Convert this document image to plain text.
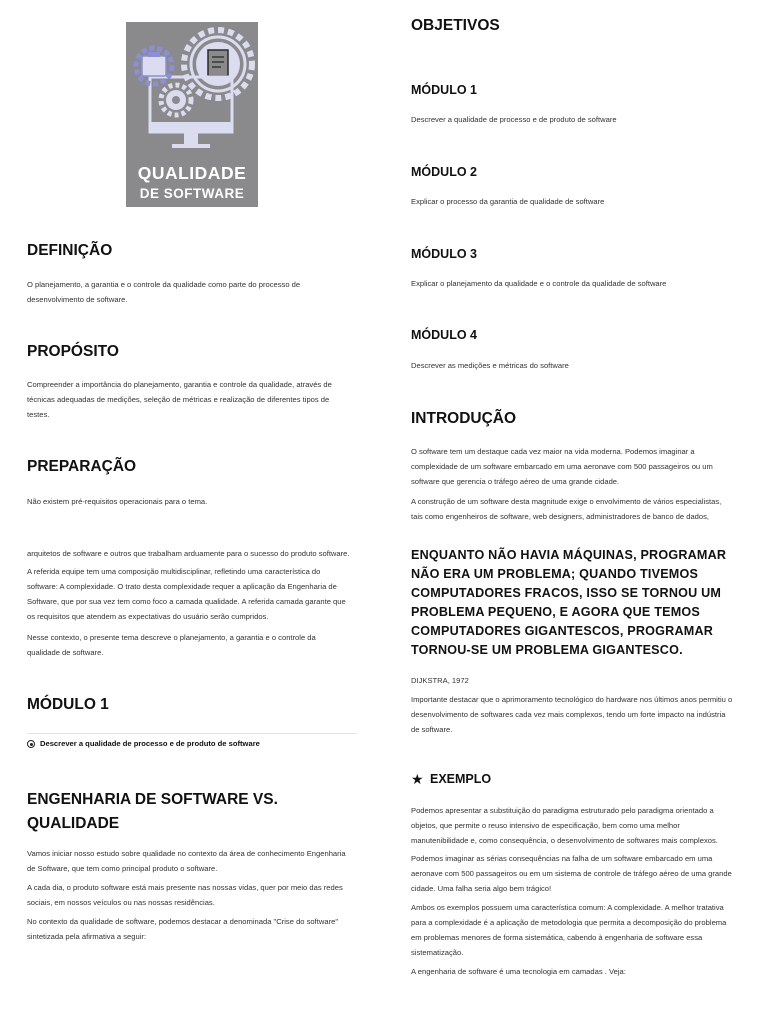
QUALIDADE
DE SOFTWARE
DEFINIÇÃO

O planejamento, a garantia e o controle da qualidade como parte do processo de
desenvolvimento de software.

PROPÓSITO

Compreender a importância do planejamento, garantia e controle da qualidade, através de
técnicas adequadas de medições, seleção de métricas e realização de diferentes tipos de
testes.

PREPARAÇÃO

Não existem pré-requisitos operacionais para o tema.

arquitetos de software e outros que trabalham arduamente para o sucesso do produto software.

A referida equipe tem uma composição multidisciplinar, refletindo uma característica do
software: A complexidade. O trato desta complexidade requer a aplicação da Engenharia de
Software, que por sua vez tem como foco a camada qualidade. A referida camada garante que
os requisitos que atendem as expectativas do usuário serão cumpridos.

Nesse contexto, o presente tema descreve o planejamento, a garantia e o controle da
qualidade de software.

MÓDULO 1

Descrever a qualidade de processo e de produto de software

ENGENHARIA DE SOFTWARE VS.
QUALIDADE

Vamos iniciar nosso estudo sobre qualidade no contexto da área de conhecimento Engenharia
de Software, que tem como principal produto o software.

A cada dia, o produto software está mais presente nas nossas vidas, quer por meio das redes
sociais, em nossos veículos ou nas nossas residências.

No contexto da qualidade de software, podemos destacar a denominada "Crise do software"
sintetizada pela afirmativa a seguir:

OBJETIVOS
MÓDULO 1

Descrever a qualidade de processo e de produto de software

MÓDULO 2

Explicar o processo da garantia de qualidade de software

MÓDULO 3

Explicar o planejamento da qualidade e o controle da qualidade de software

MÓDULO 4

Descrever as medições e métricas do software

INTRODUÇÃO

O software tem um destaque cada vez maior na vida moderna. Podemos imaginar a
complexidade de um software embarcado em uma aeronave com 500 passageiros ou um
software que gerencia o tráfego aéreo de uma grande cidade.

A construção de um software desta magnitude exige o envolvimento de vários especialistas,
tais como engenheiros de software, web designers, administradores de banco de dados,

ENQUANTO NÃO HAVIA MÁQUINAS, PROGRAMAR
NÃO ERA UM PROBLEMA; QUANDO TIVEMOS
COMPUTADORES FRACOS, ISSO SE TORNOU UM
PROBLEMA PEQUENO, E AGORA QUE TEMOS
COMPUTADORES GIGANTESCOS, PROGRAMAR
TORNOU-SE UM PROBLEMA GIGANTESCO.

DIJKSTRA, 1972

Importante destacar que o aprimoramento tecnológico do hardware nos últimos anos permitiu o
desenvolvimento de softwares cada vez mais complexos, tendo um forte impacto na indústria
de software.

★ EXEMPLO

Podemos apresentar a substituição do paradigma estruturado pelo paradigma orientado a
objetos, que permite o reuso intensivo de especificação, bem como uma melhor
manutenibilidade e, como consequência, o desenvolvimento de softwares mais complexos.

Podemos imaginar as sérias consequências na falha de um software embarcado em uma
aeronave com 500 passageiros ou em um sistema de controle de tráfego aéreo de uma grande
cidade. Uma falha seria algo bem trágico!

Ambos os exemplos possuem uma característica comum: A complexidade. A melhor tratativa
para a complexidade é a aplicação de metodologia que permita a decomposição do problema
em problemas menores de forma sistemática, cabendo à engenharia de software essa
sistematização.

A engenharia de software é uma tecnologia em camadas . Veja:
